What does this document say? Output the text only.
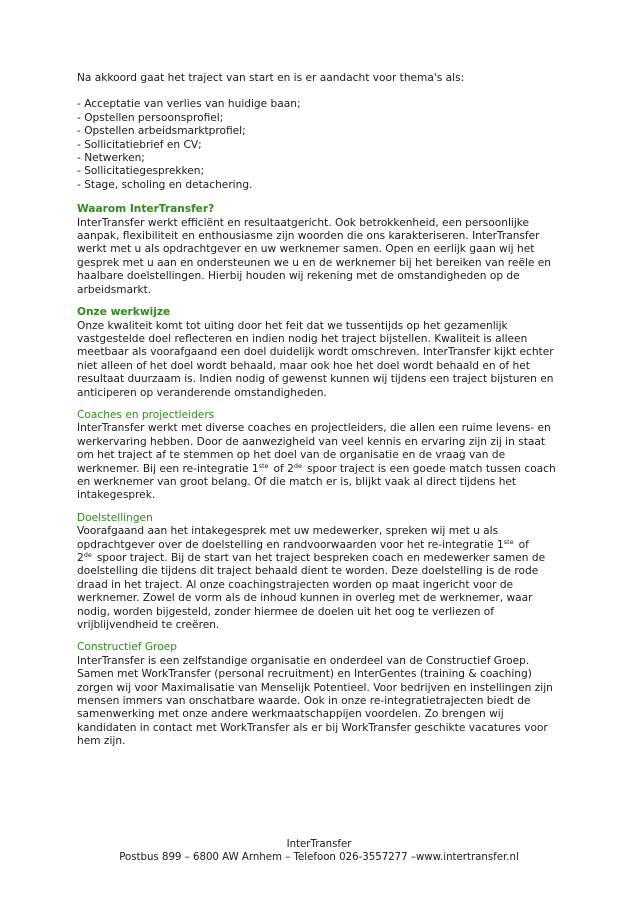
Na akkoord gaat het traject van start en is er aandacht voor thema's als:

- Acceptatie van verlies van huidige baan;
- Opstellen persoonsprofiel;
- Opstellen arbeidsmarktprofiel;
- Sollicitatiebrief en CV;
- Netwerken;
- Sollicitatiegesprekken;
- Stage, scholing en detachering.

Waarom InterTransfer?

InterTransfer werkt efficiënt en resultaatgericht. Ook betrokkenheid, een persoonlijke aanpak, flexibiliteit en enthousiasme zijn woorden die ons karakteriseren. InterTransfer werkt met u als opdrachtgever en uw werknemer samen. Open en eerlijk gaan wij het gesprek met u aan en ondersteunen we u en de werknemer bij het bereiken van reële en haalbare doelstellingen. Hierbij houden wij rekening met de omstandigheden op de arbeidsmarkt.

Onze werkwijze

Onze kwaliteit komt tot uiting door het feit dat we tussentijds op het gezamenlijk vastgestelde doel reflecteren en indien nodig het traject bijstellen. Kwaliteit is alleen meetbaar als voorafgaand een doel duidelijk wordt omschreven. InterTransfer kijkt echter niet alleen of het doel wordt behaald, maar ook hoe het doel wordt behaald en of het resultaat duurzaam is. Indien nodig of gewenst kunnen wij tijdens een traject bijsturen en anticiperen op veranderende omstandigheden.

Coaches en projectleiders

InterTransfer werkt met diverse coaches en projectleiders, die allen een ruime levens- en werkervaring hebben. Door de aanwezigheid van veel kennis en ervaring zijn zij in staat om het traject af te stemmen op het doel van de organisatie en de vraag van de werknemer. Bij een re-integratie 1ste of 2de spoor traject is een goede match tussen coach en werknemer van groot belang. Of die match er is, blijkt vaak al direct tijdens het intakegesprek.

Doelstellingen

Voorafgaand aan het intakegesprek met uw medewerker, spreken wij met u als opdrachtgever over de doelstelling en randvoorwaarden voor het re-integratie 1ste of 2de spoor traject. Bij de start van het traject bespreken coach en medewerker samen de doelstelling die tijdens dit traject behaald dient te worden. Deze doelstelling is de rode draad in het traject. Al onze coachingstrajecten worden op maat ingericht voor de werknemer. Zowel de vorm als de inhoud kunnen in overleg met de werknemer, waar nodig, worden bijgesteld, zonder hiermee de doelen uit het oog te verliezen of vrijblijvendheid te creëren.

Constructief Groep

InterTransfer is een zelfstandige organisatie en onderdeel van de Constructief Groep. Samen met WorkTransfer (personal recruitment) en InterGentes (training & coaching) zorgen wij voor Maximalisatie van Menselijk Potentieel. Voor bedrijven en instellingen zijn mensen immers van onschatbare waarde. Ook in onze re-integratietrajecten biedt de samenwerking met onze andere werkmaatschappijen voordelen. Zo brengen wij kandidaten in contact met WorkTransfer als er bij WorkTransfer geschikte vacatures voor hem zijn.

InterTransfer
Postbus 899 – 6800 AW Arnhem – Telefoon 026-3557277 –www.intertransfer.nl
